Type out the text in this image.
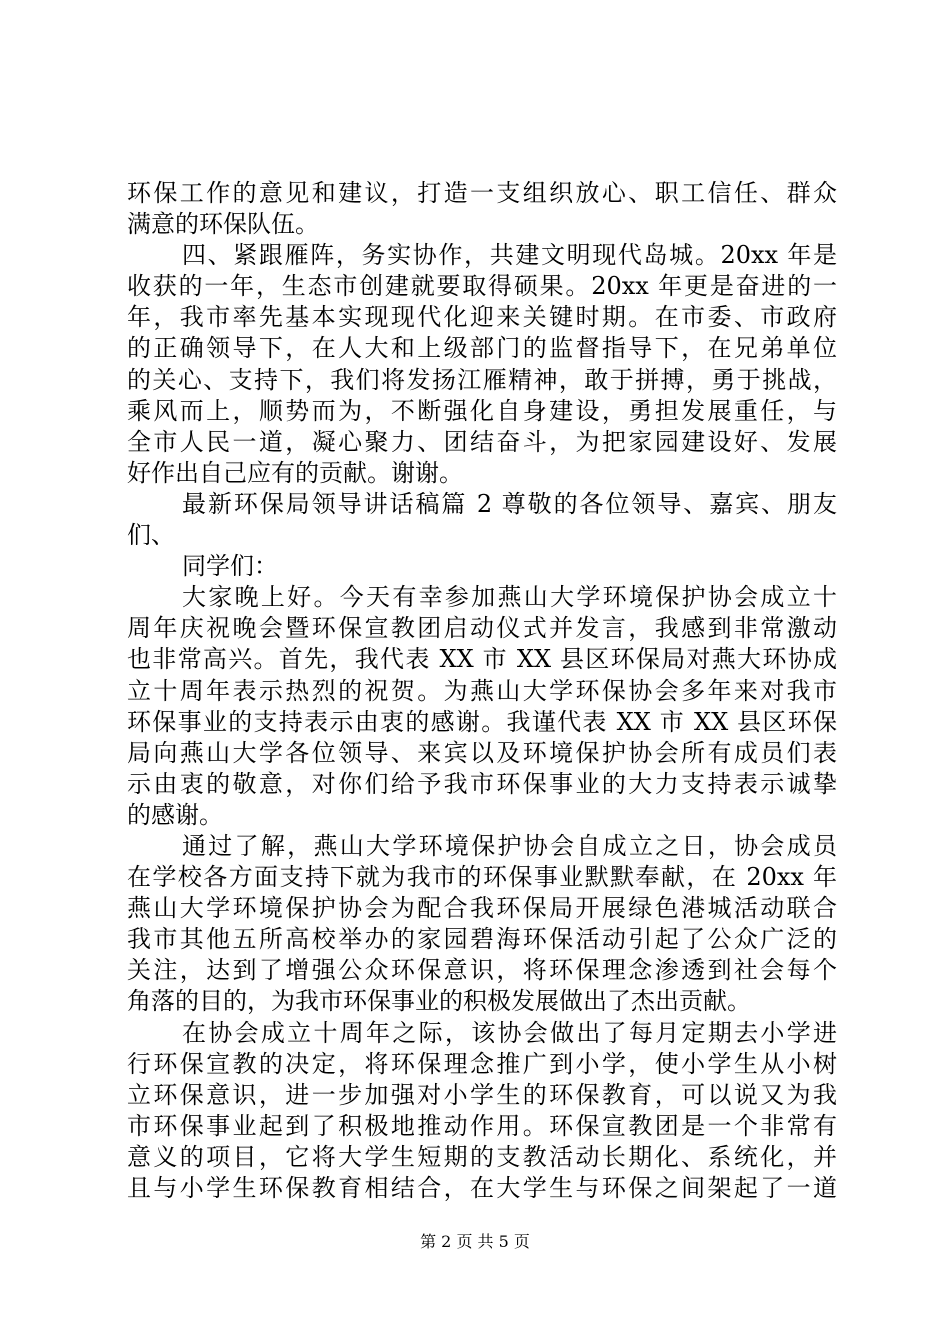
环保工作的意见和建议，打造一支组织放心、职工信任、群众
满意的环保队伍。
四、紧跟雁阵，务实协作，共建文明现代岛城。20xx 年是
收获的一年，生态市创建就要取得硕果。20xx 年更是奋进的一
年，我市率先基本实现现代化迎来关键时期。在市委、市政府
的正确领导下，在人大和上级部门的监督指导下，在兄弟单位
的关心、支持下，我们将发扬江雁精神，敢于拼搏，勇于挑战，
乘风而上，顺势而为，不断强化自身建设，勇担发展重任，与
全市人民一道，凝心聚力、团结奋斗，为把家园建设好、发展
好作出自己应有的贡献。谢谢。
最新环保局领导讲话稿篇 2 尊敬的各位领导、嘉宾、朋友
们、
同学们：
大家晚上好。今天有幸参加燕山大学环境保护协会成立十
周年庆祝晚会暨环保宣教团启动仪式并发言，我感到非常激动
也非常高兴。首先，我代表 XX 市 XX 县区环保局对燕大环协成
立十周年表示热烈的祝贺。为燕山大学环保协会多年来对我市
环保事业的支持表示由衷的感谢。我谨代表 XX 市 XX 县区环保
局向燕山大学各位领导、来宾以及环境保护协会所有成员们表
示由衷的敬意，对你们给予我市环保事业的大力支持表示诚挚
的感谢。
通过了解，燕山大学环境保护协会自成立之日，协会成员
在学校各方面支持下就为我市的环保事业默默奉献，在 20xx 年
燕山大学环境保护协会为配合我环保局开展绿色港城活动联合
我市其他五所高校举办的家园碧海环保活动引起了公众广泛的
关注，达到了增强公众环保意识，将环保理念渗透到社会每个
角落的目的，为我市环保事业的积极发展做出了杰出贡献。
在协会成立十周年之际，该协会做出了每月定期去小学进
行环保宣教的决定，将环保理念推广到小学，使小学生从小树
立环保意识，进一步加强对小学生的环保教育，可以说又为我
市环保事业起到了积极地推动作用。环保宣教团是一个非常有
意义的项目，它将大学生短期的支教活动长期化、系统化，并
且与小学生环保教育相结合，在大学生与环保之间架起了一道
第 2 页 共 5 页
